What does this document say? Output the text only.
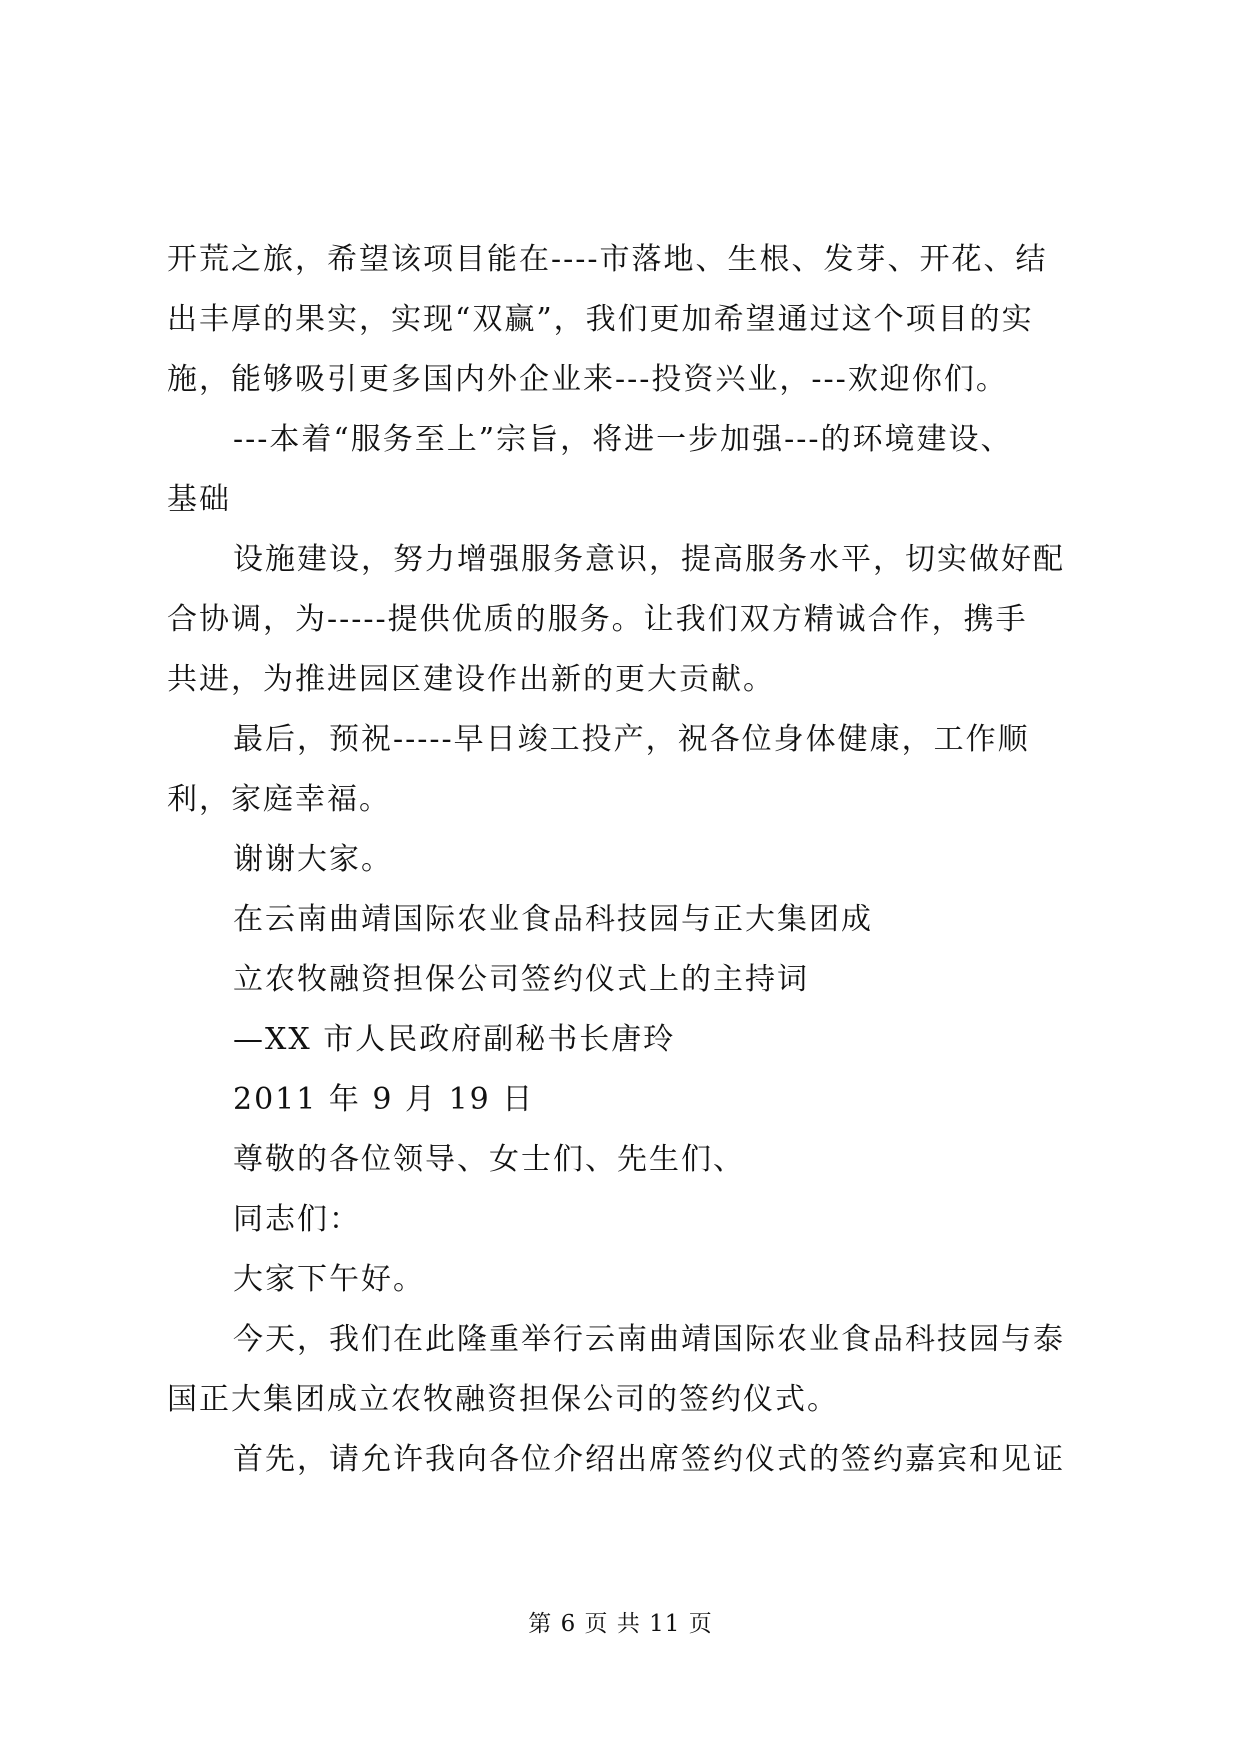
开荒之旅，希望该项目能在----市落地、生根、发芽、开花、结
出丰厚的果实，实现“双赢”，我们更加希望通过这个项目的实
施，能够吸引更多国内外企业来---投资兴业，---欢迎你们。
---本着“服务至上”宗旨，将进一步加强---的环境建设、
基础
设施建设，努力增强服务意识，提高服务水平，切实做好配
合协调，为-----提供优质的服务。让我们双方精诚合作，携手
共进，为推进园区建设作出新的更大贡献。
最后，预祝-----早日竣工投产，祝各位身体健康，工作顺
利，家庭幸福。
谢谢大家。
在云南曲靖国际农业食品科技园与正大集团成
立农牧融资担保公司签约仪式上的主持词
—XX 市人民政府副秘书长唐玲
2011 年 9 月 19 日
尊敬的各位领导、女士们、先生们、
同志们：
大家下午好。
今天，我们在此隆重举行云南曲靖国际农业食品科技园与泰
国正大集团成立农牧融资担保公司的签约仪式。
首先，请允许我向各位介绍出席签约仪式的签约嘉宾和见证
第 6 页 共 11 页
